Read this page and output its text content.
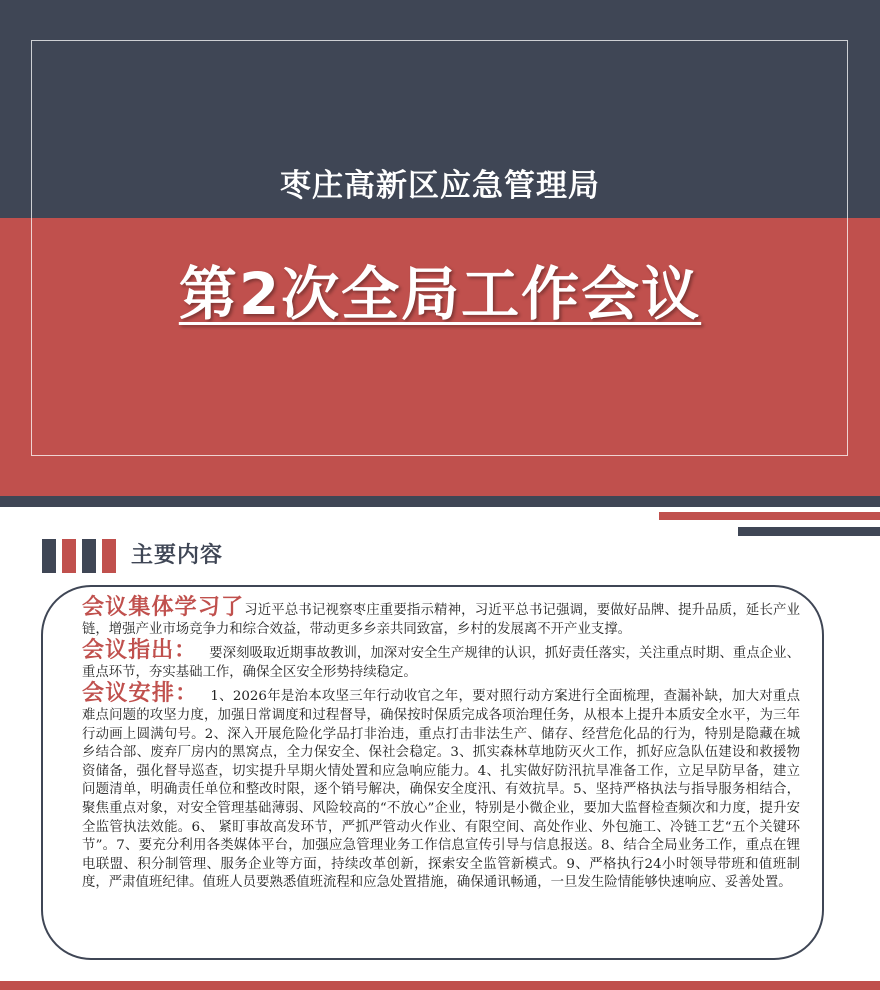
枣庄高新区应急管理局
第2次全局工作会议
主要内容

会议集体学习了习近平总书记视察枣庄重要指示精神，习近平总书记强调，要做好品牌、提升品质，延长产业链，增强产业市场竞争力和综合效益，带动更多乡亲共同致富，乡村的发展离不开产业支撑。

会议指出： 要深刻吸取近期事故教训，加深对安全生产规律的认识，抓好责任落实，关注重点时期、重点企业、重点环节，夯实基础工作，确保全区安全形势持续稳定。

会议安排： 1、2026年是治本攻坚三年行动收官之年，要对照行动方案进行全面梳理，查漏补缺，加大对重点难点问题的攻坚力度，加强日常调度和过程督导，确保按时保质完成各项治理任务，从根本上提升本质安全水平，为三年行动画上圆满句号。2、深入开展危险化学品打非治违，重点打击非法生产、储存、经营危化品的行为，特别是隐藏在城乡结合部、废弃厂房内的黑窝点，全力保安全、保社会稳定。3、抓实森林草地防灭火工作，抓好应急队伍建设和救援物资储备，强化督导巡查，切实提升早期火情处置和应急响应能力。4、扎实做好防汛抗旱准备工作，立足早防早备，建立问题清单，明确责任单位和整改时限，逐个销号解决，确保安全度汛、有效抗旱。5、坚持严格执法与指导服务相结合，聚焦重点对象，对安全管理基础薄弱、风险较高的“不放心”企业，特别是小微企业，要加大监督检查频次和力度，提升安全监管执法效能。6、 紧盯事故高发环节，严抓严管动火作业、有限空间、高处作业、外包施工、冷链工艺“五个关键环节”。7、要充分利用各类媒体平台，加强应急管理业务工作信息宣传引导与信息报送。8、结合全局业务工作，重点在锂电联盟、积分制管理、服务企业等方面，持续改革创新，探索安全监管新模式。9、严格执行24小时领导带班和值班制度，严肃值班纪律。值班人员要熟悉值班流程和应急处置措施，确保通讯畅通，一旦发生险情能够快速响应、妥善处置。
